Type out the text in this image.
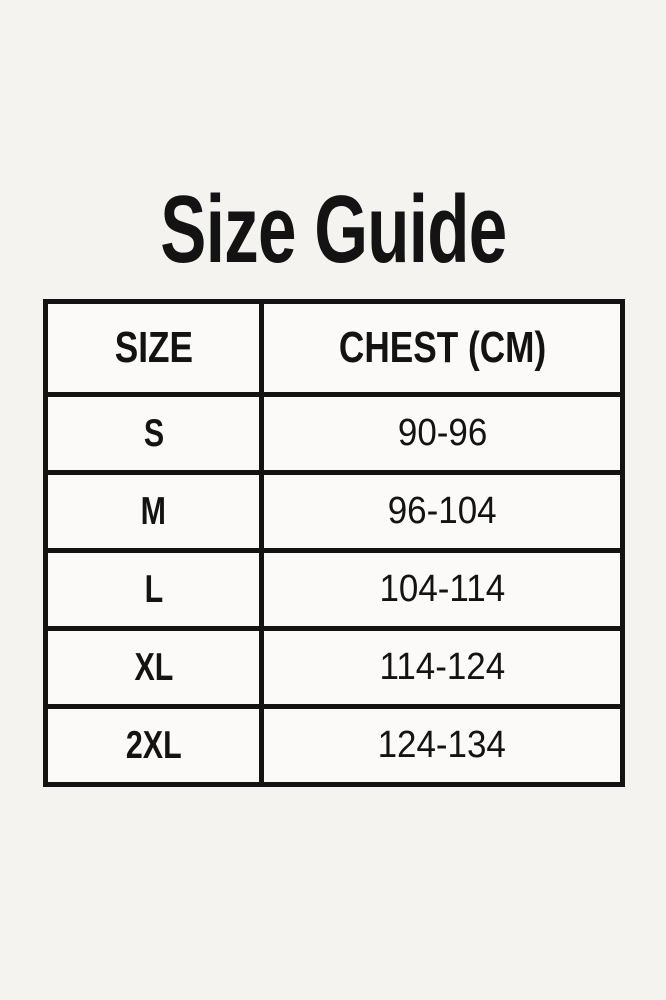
Size Guide
SIZE	CHEST (CM)
S	90-96
M	96-104
L	104-114
XL	114-124
2XL	124-134
